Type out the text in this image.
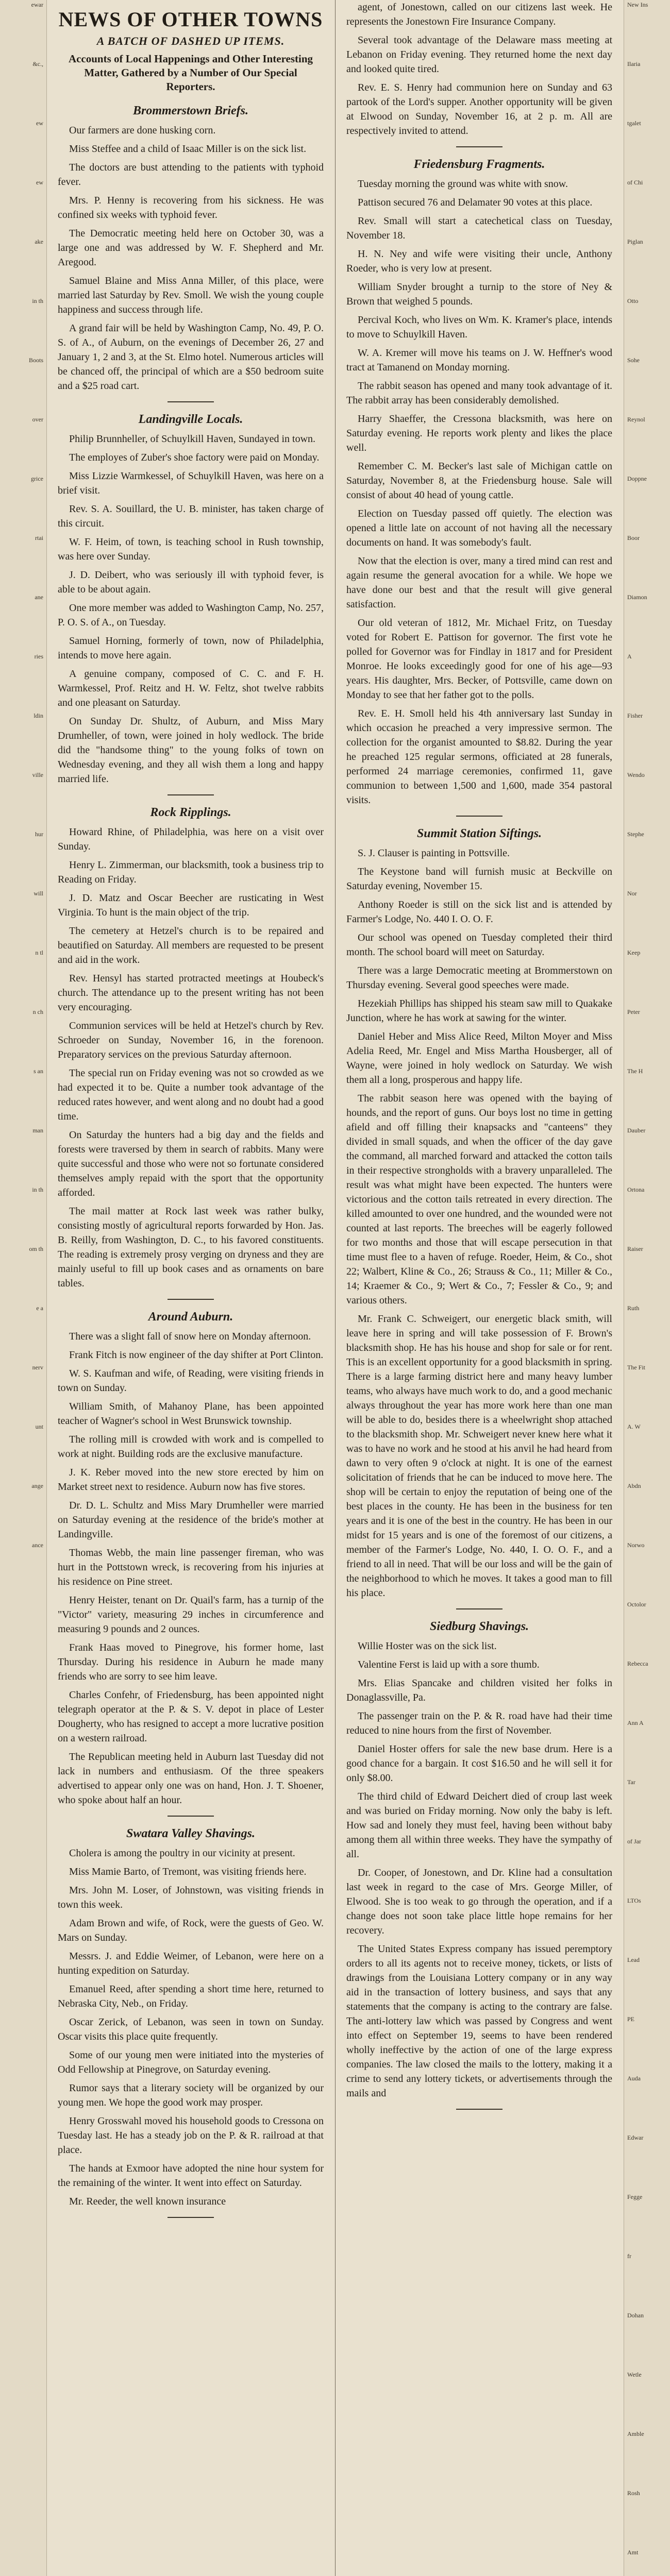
ewar
&c.,
ew
ew
ake
in th
Boots
over
grice
rtai
ane
ries
ldin
ville
hur
will
n tl
n ch
s an
man
in th
om th
e a
nerv
unt
ange
ance
NEWS OF OTHER TOWNS
A BATCH OF DASHED UP ITEMS.
Accounts of Local Happenings and Other Interesting Matter, Gathered by a Number of Our Special Reporters.
Brommerstown Briefs.

Our farmers are done husking corn.

Miss Steffee and a child of Isaac Miller is on the sick list.

The doctors are bust attending to the patients with typhoid fever.

Mrs. P. Henny is recovering from his sickness. He was confined six weeks with typhoid fever.

The Democratic meeting held here on October 30, was a large one and was addressed by W. F. Shepherd and Mr. Aregood.

Samuel Blaine and Miss Anna Miller, of this place, were married last Saturday by Rev. Smoll. We wish the young couple happiness and success through life.

A grand fair will be held by Washington Camp, No. 49, P. O. S. of A., of Auburn, on the evenings of December 26, 27 and January 1, 2 and 3, at the St. Elmo hotel. Numerous articles will be chanced off, the principal of which are a $50 bedroom suite and a $25 road cart.

Landingville Locals.

Philip Brunnheller, of Schuylkill Haven, Sundayed in town.

The employes of Zuber's shoe factory were paid on Monday.

Miss Lizzie Warmkessel, of Schuylkill Haven, was here on a brief visit.

Rev. S. A. Souillard, the U. B. minister, has taken charge of this circuit.

W. F. Heim, of town, is teaching school in Rush township, was here over Sunday.

J. D. Deibert, who was seriously ill with typhoid fever, is able to be about again.

One more member was added to Washington Camp, No. 257, P. O. S. of A., on Tuesday.

Samuel Horning, formerly of town, now of Philadelphia, intends to move here again.

A genuine company, composed of C. C. and F. H. Warmkessel, Prof. Reitz and H. W. Feltz, shot twelve rabbits and one pleasant on Saturday.

On Sunday Dr. Shultz, of Auburn, and Miss Mary Drumheller, of town, were joined in holy wedlock. The bride did the "handsome thing" to the young folks of town on Wednesday evening, and they all wish them a long and happy married life.

Rock Ripplings.

Howard Rhine, of Philadelphia, was here on a visit over Sunday.

Henry L. Zimmerman, our blacksmith, took a business trip to Reading on Friday.

J. D. Matz and Oscar Beecher are rusticating in West Virginia. To hunt is the main object of the trip.

The cemetery at Hetzel's church is to be repaired and beautified on Saturday. All members are requested to be present and aid in the work.

Rev. Hensyl has started protracted meetings at Houbeck's church. The attendance up to the present writing has not been very encouraging.

Communion services will be held at Hetzel's church by Rev. Schroeder on Sunday, November 16, in the forenoon. Preparatory services on the previous Saturday afternoon.

The special run on Friday evening was not so crowded as we had expected it to be. Quite a number took advantage of the reduced rates however, and went along and no doubt had a good time.

On Saturday the hunters had a big day and the fields and forests were traversed by them in search of rabbits. Many were quite successful and those who were not so fortunate considered themselves amply repaid with the sport that the opportunity afforded.

The mail matter at Rock last week was rather bulky, consisting mostly of agricultural reports forwarded by Hon. Jas. B. Reilly, from Washington, D. C., to his favored constituents. The reading is extremely prosy verging on dryness and they are mainly useful to fill up book cases and as ornaments on bare tables.

Around Auburn.

There was a slight fall of snow here on Monday afternoon.

Frank Fitch is now engineer of the day shifter at Port Clinton.

W. S. Kaufman and wife, of Reading, were visiting friends in town on Sunday.

William Smith, of Mahanoy Plane, has been appointed teacher of Wagner's school in West Brunswick township.

The rolling mill is crowded with work and is compelled to work at night. Building rods are the exclusive manufacture.

J. K. Reber moved into the new store erected by him on Market street next to residence. Auburn now has five stores.

Dr. D. L. Schultz and Miss Mary Drumheller were married on Saturday evening at the residence of the bride's mother at Landingville.

Thomas Webb, the main line passenger fireman, who was hurt in the Pottstown wreck, is recovering from his injuries at his residence on Pine street.

Henry Heister, tenant on Dr. Quail's farm, has a turnip of the "Victor" variety, measuring 29 inches in circumference and measuring 9 pounds and 2 ounces.

Frank Haas moved to Pinegrove, his former home, last Thursday. During his residence in Auburn he made many friends who are sorry to see him leave.

Charles Confehr, of Friedensburg, has been appointed night telegraph operator at the P. & S. V. depot in place of Lester Dougherty, who has resigned to accept a more lucrative position on a western railroad.

The Republican meeting held in Auburn last Tuesday did not lack in numbers and enthusiasm. Of the three speakers advertised to appear only one was on hand, Hon. J. T. Shoener, who spoke about half an hour.

Swatara Valley Shavings.

Cholera is among the poultry in our vicinity at present.

Miss Mamie Barto, of Tremont, was visiting friends here.

Mrs. John M. Loser, of Johnstown, was visiting friends in town this week.

Adam Brown and wife, of Rock, were the guests of Geo. W. Mars on Sunday.

Messrs. J. and Eddie Weimer, of Lebanon, were here on a hunting expedition on Saturday.

Emanuel Reed, after spending a short time here, returned to Nebraska City, Neb., on Friday.

Oscar Zerick, of Lebanon, was seen in town on Sunday. Oscar visits this place quite frequently.

Some of our young men were initiated into the mysteries of Odd Fellowship at Pinegrove, on Saturday evening.

Rumor says that a literary society will be organized by our young men. We hope the good work may prosper.

Henry Grosswahl moved his household goods to Cressona on Tuesday last. He has a steady job on the P. & R. railroad at that place.

The hands at Exmoor have adopted the nine hour system for the remaining of the winter. It went into effect on Saturday.

Mr. Reeder, the well known insurance

agent, of Jonestown, called on our citizens last week. He represents the Jonestown Fire Insurance Company.

Several took advantage of the Delaware mass meeting at Lebanon on Friday evening. They returned home the next day and looked quite tired.

Rev. E. S. Henry had communion here on Sunday and 63 partook of the Lord's supper. Another opportunity will be given at Elwood on Sunday, November 16, at 2 p. m. All are respectively invited to attend.

Friedensburg Fragments.

Tuesday morning the ground was white with snow.

Pattison secured 76 and Delamater 90 votes at this place.

Rev. Small will start a catechetical class on Tuesday, November 18.

H. N. Ney and wife were visiting their uncle, Anthony Roeder, who is very low at present.

William Snyder brought a turnip to the store of Ney & Brown that weighed 5 pounds.

Percival Koch, who lives on Wm. K. Kramer's place, intends to move to Schuylkill Haven.

W. A. Kremer will move his teams on J. W. Heffner's wood tract at Tamanend on Monday morning.

The rabbit season has opened and many took advantage of it. The rabbit array has been considerably demolished.

Harry Shaeffer, the Cressona blacksmith, was here on Saturday evening. He reports work plenty and likes the place well.

Remember C. M. Becker's last sale of Michigan cattle on Saturday, November 8, at the Friedensburg house. Sale will consist of about 40 head of young cattle.

Election on Tuesday passed off quietly. The election was opened a little late on account of not having all the necessary documents on hand. It was somebody's fault.

Now that the election is over, many a tired mind can rest and again resume the general avocation for a while. We hope we have done our best and that the result will give general satisfaction.

Our old veteran of 1812, Mr. Michael Fritz, on Tuesday voted for Robert E. Pattison for governor. The first vote he polled for Governor was for Findlay in 1817 and for President Monroe. He looks exceedingly good for one of his age—93 years. His daughter, Mrs. Becker, of Pottsville, came down on Monday to see that her father got to the polls.

Rev. E. H. Smoll held his 4th anniversary last Sunday in which occasion he preached a very impressive sermon. The collection for the organist amounted to $8.82. During the year he preached 125 regular sermons, officiated at 28 funerals, performed 24 marriage ceremonies, confirmed 11, gave communion to between 1,500 and 1,600, made 354 pastoral visits.

Summit Station Siftings.

S. J. Clauser is painting in Pottsville.

The Keystone band will furnish music at Beckville on Saturday evening, November 15.

Anthony Roeder is still on the sick list and is attended by Farmer's Lodge, No. 440 I. O. O. F.

Our school was opened on Tuesday completed their third month. The school board will meet on Saturday.

There was a large Democratic meeting at Brommerstown on Thursday evening. Several good speeches were made.

Hezekiah Phillips has shipped his steam saw mill to Quakake Junction, where he has work at sawing for the winter.

Daniel Heber and Miss Alice Reed, Milton Moyer and Miss Adelia Reed, Mr. Engel and Miss Martha Housberger, all of Wayne, were joined in holy wedlock on Saturday. We wish them all a long, prosperous and happy life.

The rabbit season here was opened with the baying of hounds, and the report of guns. Our boys lost no time in getting afield and off filling their knapsacks and "canteens" they divided in small squads, and when the officer of the day gave the command, all marched forward and attacked the cotton tails in their respective strongholds with a bravery unparalleled. The result was what might have been expected. The hunters were victorious and the cotton tails retreated in every direction. The killed amounted to over one hundred, and the wounded were not counted at last reports. The breeches will be eagerly followed for two months and those that will escape persecution in that time must flee to a haven of refuge. Roeder, Heim, & Co., shot 22; Walbert, Kline & Co., 26; Strauss & Co., 11; Miller & Co., 14; Kraemer & Co., 9; Wert & Co., 7; Fessler & Co., 9; and various others.

Mr. Frank C. Schweigert, our energetic black smith, will leave here in spring and will take possession of F. Brown's blacksmith shop. He has his house and shop for sale or for rent. This is an excellent opportunity for a good blacksmith in spring. There is a large farming district here and many heavy lumber teams, who always have much work to do, and a good mechanic always throughout the year has more work here than one man will be able to do, besides there is a wheelwright shop attached to the blacksmith shop. Mr. Schweigert never knew here what it was to have no work and he stood at his anvil he had heard from dawn to very often 9 o'clock at night. It is one of the earnest solicitation of friends that he can be induced to move here. The shop will be certain to enjoy the reputation of being one of the best places in the county. He has been in the business for ten years and it is one of the best in the country. He has been in our midst for 15 years and is one of the foremost of our citizens, a member of the Farmer's Lodge, No. 440, I. O. O. F., and a friend to all in need. That will be our loss and will be the gain of the neighborhood to which he moves. It takes a good man to fill his place.

Siedburg Shavings.

Willie Hoster was on the sick list.

Valentine Ferst is laid up with a sore thumb.

Mrs. Elias Spancake and children visited her folks in Donaglassville, Pa.

The passenger train on the P. & R. road have had their time reduced to nine hours from the first of November.

Daniel Hoster offers for sale the new base drum. Here is a good chance for a bargain. It cost $16.50 and he will sell it for only $8.00.

The third child of Edward Deichert died of croup last week and was buried on Friday morning. Now only the baby is left. How sad and lonely they must feel, having been without baby among them all within three weeks. They have the sympathy of all.

Dr. Cooper, of Jonestown, and Dr. Kline had a consultation last week in regard to the case of Mrs. George Miller, of Elwood. She is too weak to go through the operation, and if a change does not soon take place little hope remains for her recovery.

The United States Express company has issued peremptory orders to all its agents not to receive money, tickets, or lists of drawings from the Louisiana Lottery company or in any way aid in the transaction of lottery business, and says that any statements that the company is acting to the contrary are false. The anti-lottery law which was passed by Congress and went into effect on September 19, seems to have been rendered wholly ineffective by the action of one of the large express companies. The law closed the mails to the lottery, making it a crime to send any lottery tickets, or advertisements through the mails and

New Ins
Ilaria
tgalet
of Chi
Piglan
Otto
Sohe
Reynol
Doppne
Boor
Diamon
A
Fisher
Wendo
Stephe
Nor
Keep
Peter
The H
Dauber
Ortona
Raiser
Ruth
The Fit
A. W
Abdn
Norwo
Octolor
Rebecca
Ann A
Tar
of Jar
LTOs
Lead
PE
Auda
Edwar
Fegge
fr
Dohan
Wetle
Amble
Rosh
Amt
